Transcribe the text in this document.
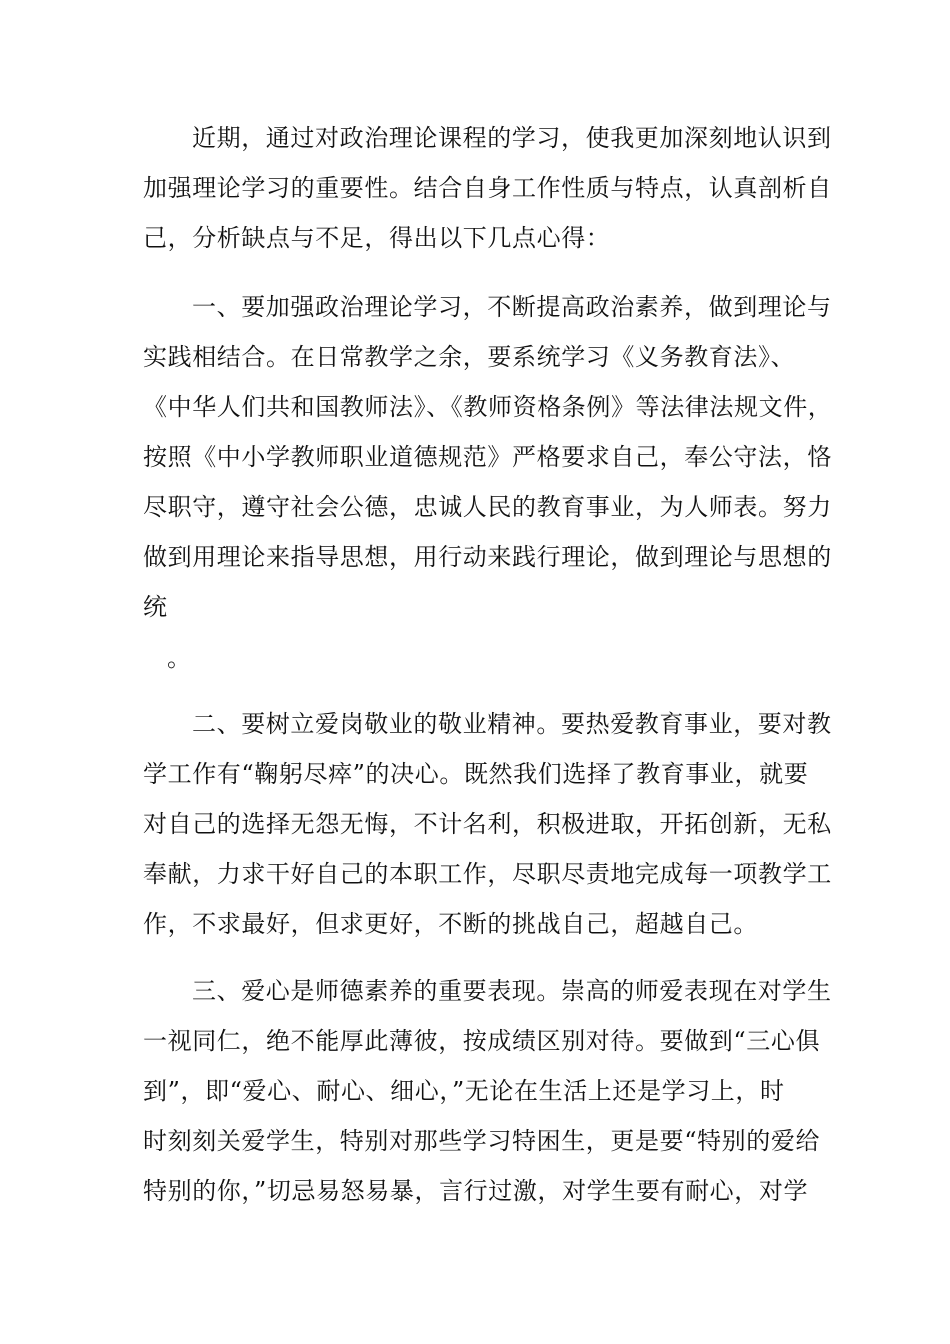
近期，通过对政治理论课程的学习，使我更加深刻地认识到
加强理论学习的重要性。结合自身工作性质与特点，认真剖析自
己，分析缺点与不足，得出以下几点心得：
一、要加强政治理论学习，不断提高政治素养，做到理论与
实践相结合。在日常教学之余，要系统学习《义务教育法》、
《中华人们共和国教师法》、《教师资格条例》等法律法规文件，
按照《中小学教师职业道德规范》严格要求自己，奉公守法，恪
尽职守，遵守社会公德，忠诚人民的教育事业，为人师表。努力
做到用理论来指导思想，用行动来践行理论，做到理论与思想的
统
。
二、要树立爱岗敬业的敬业精神。要热爱教育事业，要对教
学工作有“鞠躬尽瘁”的决心。既然我们选择了教育事业，就要
对自己的选择无怨无悔，不计名利，积极进取，开拓创新，无私
奉献，力求干好自己的本职工作，尽职尽责地完成每一项教学工
作，不求最好，但求更好，不断的挑战自己，超越自己。
三、爱心是师德素养的重要表现。崇高的师爱表现在对学生
一视同仁，绝不能厚此薄彼，按成绩区别对待。要做到“三心俱
到”，即“爱心、耐心、细心，”无论在生活上还是学习上，时
时刻刻关爱学生，特别对那些学习特困生，更是要“特别的爱给
特别的你，”切忌易怒易暴，言行过激，对学生要有耐心，对学
